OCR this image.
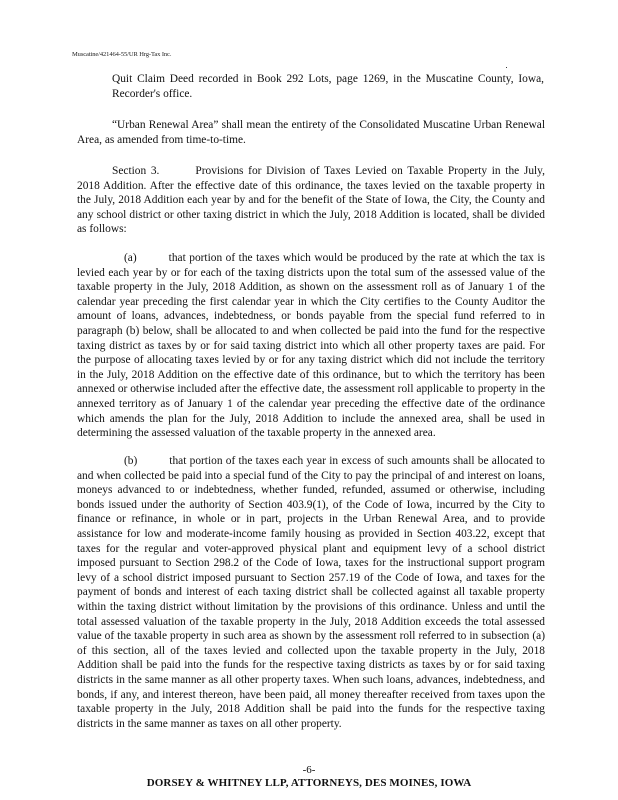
Muscatine/421464-55/UR Hrg-Tax Inc.

Quit Claim Deed recorded in Book 292 Lots, page 1269, in the Muscatine County, Iowa, Recorder's office.

“Urban Renewal Area” shall mean the entirety of the Consolidated Muscatine Urban Renewal Area, as amended from time-to-time.

Section 3.	Provisions for Division of Taxes Levied on Taxable Property in the July, 2018 Addition. After the effective date of this ordinance, the taxes levied on the taxable property in the July, 2018 Addition each year by and for the benefit of the State of Iowa, the City, the County and any school district or other taxing district in which the July, 2018 Addition is located, shall be divided as follows:

(a)	that portion of the taxes which would be produced by the rate at which the tax is levied each year by or for each of the taxing districts upon the total sum of the assessed value of the taxable property in the July, 2018 Addition, as shown on the assessment roll as of January 1 of the calendar year preceding the first calendar year in which the City certifies to the County Auditor the amount of loans, advances, indebtedness, or bonds payable from the special fund referred to in paragraph (b) below, shall be allocated to and when collected be paid into the fund for the respective taxing district as taxes by or for said taxing district into which all other property taxes are paid. For the purpose of allocating taxes levied by or for any taxing district which did not include the territory in the July, 2018 Addition on the effective date of this ordinance, but to which the territory has been annexed or otherwise included after the effective date, the assessment roll applicable to property in the annexed territory as of January 1 of the calendar year preceding the effective date of the ordinance which amends the plan for the July, 2018 Addition to include the annexed area, shall be used in determining the assessed valuation of the taxable property in the annexed area.

(b)	that portion of the taxes each year in excess of such amounts shall be allocated to and when collected be paid into a special fund of the City to pay the principal of and interest on loans, moneys advanced to or indebtedness, whether funded, refunded, assumed or otherwise, including bonds issued under the authority of Section 403.9(1), of the Code of Iowa, incurred by the City to finance or refinance, in whole or in part, projects in the Urban Renewal Area, and to provide assistance for low and moderate-income family housing as provided in Section 403.22, except that taxes for the regular and voter-approved physical plant and equipment levy of a school district imposed pursuant to Section 298.2 of the Code of Iowa, taxes for the instructional support program levy of a school district imposed pursuant to Section 257.19 of the Code of Iowa, and taxes for the payment of bonds and interest of each taxing district shall be collected against all taxable property within the taxing district without limitation by the provisions of this ordinance. Unless and until the total assessed valuation of the taxable property in the July, 2018 Addition exceeds the total assessed value of the taxable property in such area as shown by the assessment roll referred to in subsection (a) of this section, all of the taxes levied and collected upon the taxable property in the July, 2018 Addition shall be paid into the funds for the respective taxing districts as taxes by or for said taxing districts in the same manner as all other property taxes. When such loans, advances, indebtedness, and bonds, if any, and interest thereon, have been paid, all money thereafter received from taxes upon the taxable property in the July, 2018 Addition shall be paid into the funds for the respective taxing districts in the same manner as taxes on all other property.

-6-
DORSEY & WHITNEY LLP, ATTORNEYS, DES MOINES, IOWA
